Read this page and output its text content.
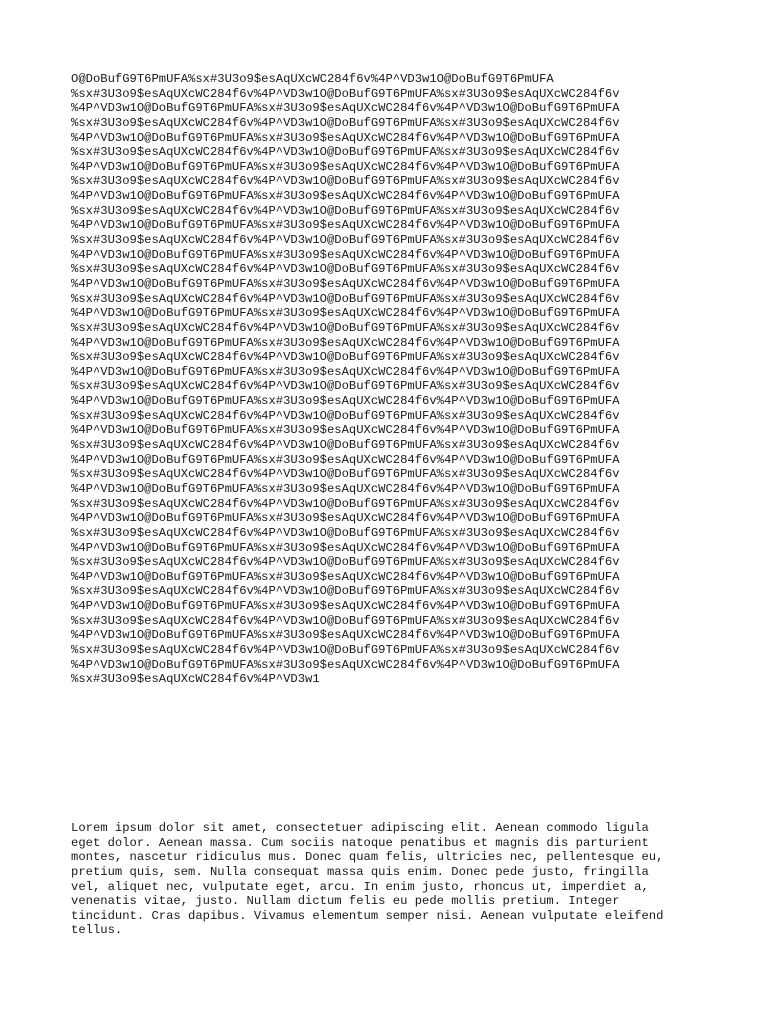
O@DoBufG9T6PmUFA%sx#3U3o9$esAqUXcWC284f6v%4P^VD3w1O@DoBufG9T6PmUFA
%sx#3U3o9$esAqUXcWC284f6v%4P^VD3w1O@DoBufG9T6PmUFA%sx#3U3o9$esAqUXcWC284f6v
%4P^VD3w1O@DoBufG9T6PmUFA%sx#3U3o9$esAqUXcWC284f6v%4P^VD3w1O@DoBufG9T6PmUFA
%sx#3U3o9$esAqUXcWC284f6v%4P^VD3w1O@DoBufG9T6PmUFA%sx#3U3o9$esAqUXcWC284f6v
%4P^VD3w1O@DoBufG9T6PmUFA%sx#3U3o9$esAqUXcWC284f6v%4P^VD3w1O@DoBufG9T6PmUFA
%sx#3U3o9$esAqUXcWC284f6v%4P^VD3w1O@DoBufG9T6PmUFA%sx#3U3o9$esAqUXcWC284f6v
%4P^VD3w1O@DoBufG9T6PmUFA%sx#3U3o9$esAqUXcWC284f6v%4P^VD3w1O@DoBufG9T6PmUFA
%sx#3U3o9$esAqUXcWC284f6v%4P^VD3w1O@DoBufG9T6PmUFA%sx#3U3o9$esAqUXcWC284f6v
%4P^VD3w1O@DoBufG9T6PmUFA%sx#3U3o9$esAqUXcWC284f6v%4P^VD3w1O@DoBufG9T6PmUFA
%sx#3U3o9$esAqUXcWC284f6v%4P^VD3w1O@DoBufG9T6PmUFA%sx#3U3o9$esAqUXcWC284f6v
%4P^VD3w1O@DoBufG9T6PmUFA%sx#3U3o9$esAqUXcWC284f6v%4P^VD3w1O@DoBufG9T6PmUFA
%sx#3U3o9$esAqUXcWC284f6v%4P^VD3w1O@DoBufG9T6PmUFA%sx#3U3o9$esAqUXcWC284f6v
%4P^VD3w1O@DoBufG9T6PmUFA%sx#3U3o9$esAqUXcWC284f6v%4P^VD3w1O@DoBufG9T6PmUFA
%sx#3U3o9$esAqUXcWC284f6v%4P^VD3w1O@DoBufG9T6PmUFA%sx#3U3o9$esAqUXcWC284f6v
%4P^VD3w1O@DoBufG9T6PmUFA%sx#3U3o9$esAqUXcWC284f6v%4P^VD3w1O@DoBufG9T6PmUFA
%sx#3U3o9$esAqUXcWC284f6v%4P^VD3w1O@DoBufG9T6PmUFA%sx#3U3o9$esAqUXcWC284f6v
%4P^VD3w1O@DoBufG9T6PmUFA%sx#3U3o9$esAqUXcWC284f6v%4P^VD3w1O@DoBufG9T6PmUFA
%sx#3U3o9$esAqUXcWC284f6v%4P^VD3w1O@DoBufG9T6PmUFA%sx#3U3o9$esAqUXcWC284f6v
%4P^VD3w1O@DoBufG9T6PmUFA%sx#3U3o9$esAqUXcWC284f6v%4P^VD3w1O@DoBufG9T6PmUFA
%sx#3U3o9$esAqUXcWC284f6v%4P^VD3w1O@DoBufG9T6PmUFA%sx#3U3o9$esAqUXcWC284f6v
%4P^VD3w1O@DoBufG9T6PmUFA%sx#3U3o9$esAqUXcWC284f6v%4P^VD3w1O@DoBufG9T6PmUFA
%sx#3U3o9$esAqUXcWC284f6v%4P^VD3w1O@DoBufG9T6PmUFA%sx#3U3o9$esAqUXcWC284f6v
%4P^VD3w1O@DoBufG9T6PmUFA%sx#3U3o9$esAqUXcWC284f6v%4P^VD3w1O@DoBufG9T6PmUFA
%sx#3U3o9$esAqUXcWC284f6v%4P^VD3w1O@DoBufG9T6PmUFA%sx#3U3o9$esAqUXcWC284f6v
%4P^VD3w1O@DoBufG9T6PmUFA%sx#3U3o9$esAqUXcWC284f6v%4P^VD3w1O@DoBufG9T6PmUFA
%sx#3U3o9$esAqUXcWC284f6v%4P^VD3w1O@DoBufG9T6PmUFA%sx#3U3o9$esAqUXcWC284f6v
%4P^VD3w1O@DoBufG9T6PmUFA%sx#3U3o9$esAqUXcWC284f6v%4P^VD3w1O@DoBufG9T6PmUFA
%sx#3U3o9$esAqUXcWC284f6v%4P^VD3w1O@DoBufG9T6PmUFA%sx#3U3o9$esAqUXcWC284f6v
%4P^VD3w1O@DoBufG9T6PmUFA%sx#3U3o9$esAqUXcWC284f6v%4P^VD3w1O@DoBufG9T6PmUFA
%sx#3U3o9$esAqUXcWC284f6v%4P^VD3w1O@DoBufG9T6PmUFA%sx#3U3o9$esAqUXcWC284f6v
%4P^VD3w1O@DoBufG9T6PmUFA%sx#3U3o9$esAqUXcWC284f6v%4P^VD3w1O@DoBufG9T6PmUFA
%sx#3U3o9$esAqUXcWC284f6v%4P^VD3w1O@DoBufG9T6PmUFA%sx#3U3o9$esAqUXcWC284f6v
%4P^VD3w1O@DoBufG9T6PmUFA%sx#3U3o9$esAqUXcWC284f6v%4P^VD3w1O@DoBufG9T6PmUFA
%sx#3U3o9$esAqUXcWC284f6v%4P^VD3w1O@DoBufG9T6PmUFA%sx#3U3o9$esAqUXcWC284f6v
%4P^VD3w1O@DoBufG9T6PmUFA%sx#3U3o9$esAqUXcWC284f6v%4P^VD3w1O@DoBufG9T6PmUFA
%sx#3U3o9$esAqUXcWC284f6v%4P^VD3w1O@DoBufG9T6PmUFA%sx#3U3o9$esAqUXcWC284f6v
%4P^VD3w1O@DoBufG9T6PmUFA%sx#3U3o9$esAqUXcWC284f6v%4P^VD3w1O@DoBufG9T6PmUFA
%sx#3U3o9$esAqUXcWC284f6v%4P^VD3w1O@DoBufG9T6PmUFA%sx#3U3o9$esAqUXcWC284f6v
%4P^VD3w1O@DoBufG9T6PmUFA%sx#3U3o9$esAqUXcWC284f6v%4P^VD3w1O@DoBufG9T6PmUFA
%sx#3U3o9$esAqUXcWC284f6v%4P^VD3w1O@DoBufG9T6PmUFA%sx#3U3o9$esAqUXcWC284f6v
%4P^VD3w1O@DoBufG9T6PmUFA%sx#3U3o9$esAqUXcWC284f6v%4P^VD3w1O@DoBufG9T6PmUFA
%sx#3U3o9$esAqUXcWC284f6v%4P^VD3w1
Lorem ipsum dolor sit amet, consectetuer adipiscing elit. Aenean commodo ligula
eget dolor. Aenean massa. Cum sociis natoque penatibus et magnis dis parturient
montes, nascetur ridiculus mus. Donec quam felis, ultricies nec, pellentesque eu,
pretium quis, sem. Nulla consequat massa quis enim. Donec pede justo, fringilla
vel, aliquet nec, vulputate eget, arcu. In enim justo, rhoncus ut, imperdiet a,
venenatis vitae, justo. Nullam dictum felis eu pede mollis pretium. Integer
tincidunt. Cras dapibus. Vivamus elementum semper nisi. Aenean vulputate eleifend
tellus.
